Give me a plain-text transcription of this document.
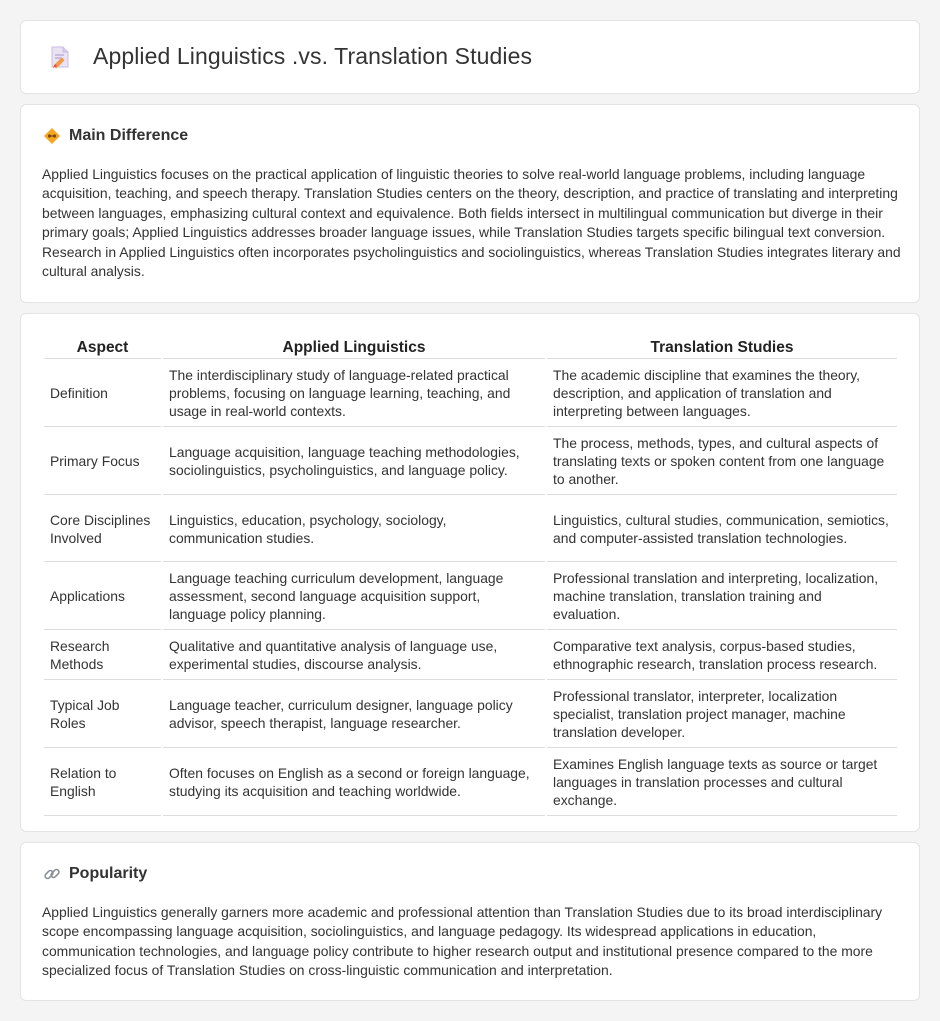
Applied Linguistics .vs. Translation Studies
Main Difference

Applied Linguistics focuses on the practical application of linguistic theories to solve real-world language problems, including language acquisition, teaching, and speech therapy. Translation Studies centers on the theory, description, and practice of translating and interpreting between languages, emphasizing cultural context and equivalence. Both fields intersect in multilingual communication but diverge in their primary goals; Applied Linguistics addresses broader language issues, while Translation Studies targets specific bilingual text conversion. Research in Applied Linguistics often incorporates psycholinguistics and sociolinguistics, whereas Translation Studies integrates literary and cultural analysis.

Aspect	Applied Linguistics	Translation Studies
Definition	The interdisciplinary study of language-related practical problems, focusing on language learning, teaching, and usage in real-world contexts.	The academic discipline that examines the theory, description, and application of translation and interpreting between languages.
Primary Focus	Language acquisition, language teaching methodologies, sociolinguistics, psycholinguistics, and language policy.	The process, methods, types, and cultural aspects of translating texts or spoken content from one language to another.
Core Disciplines Involved	Linguistics, education, psychology, sociology, communication studies.	Linguistics, cultural studies, communication, semiotics, and computer-assisted translation technologies.
Applications	Language teaching curriculum development, language assessment, second language acquisition support, language policy planning.	Professional translation and interpreting, localization, machine translation, translation training and evaluation.
Research Methods	Qualitative and quantitative analysis of language use, experimental studies, discourse analysis.	Comparative text analysis, corpus-based studies, ethnographic research, translation process research.
Typical Job Roles	Language teacher, curriculum designer, language policy advisor, speech therapist, language researcher.	Professional translator, interpreter, localization specialist, translation project manager, machine translation developer.
Relation to English	Often focuses on English as a second or foreign language, studying its acquisition and teaching worldwide.	Examines English language texts as source or target languages in translation processes and cultural exchange.
Popularity

Applied Linguistics generally garners more academic and professional attention than Translation Studies due to its broad interdisciplinary scope encompassing language acquisition, sociolinguistics, and language pedagogy. Its widespread applications in education, communication technologies, and language policy contribute to higher research output and institutional presence compared to the more specialized focus of Translation Studies on cross-linguistic communication and interpretation.
